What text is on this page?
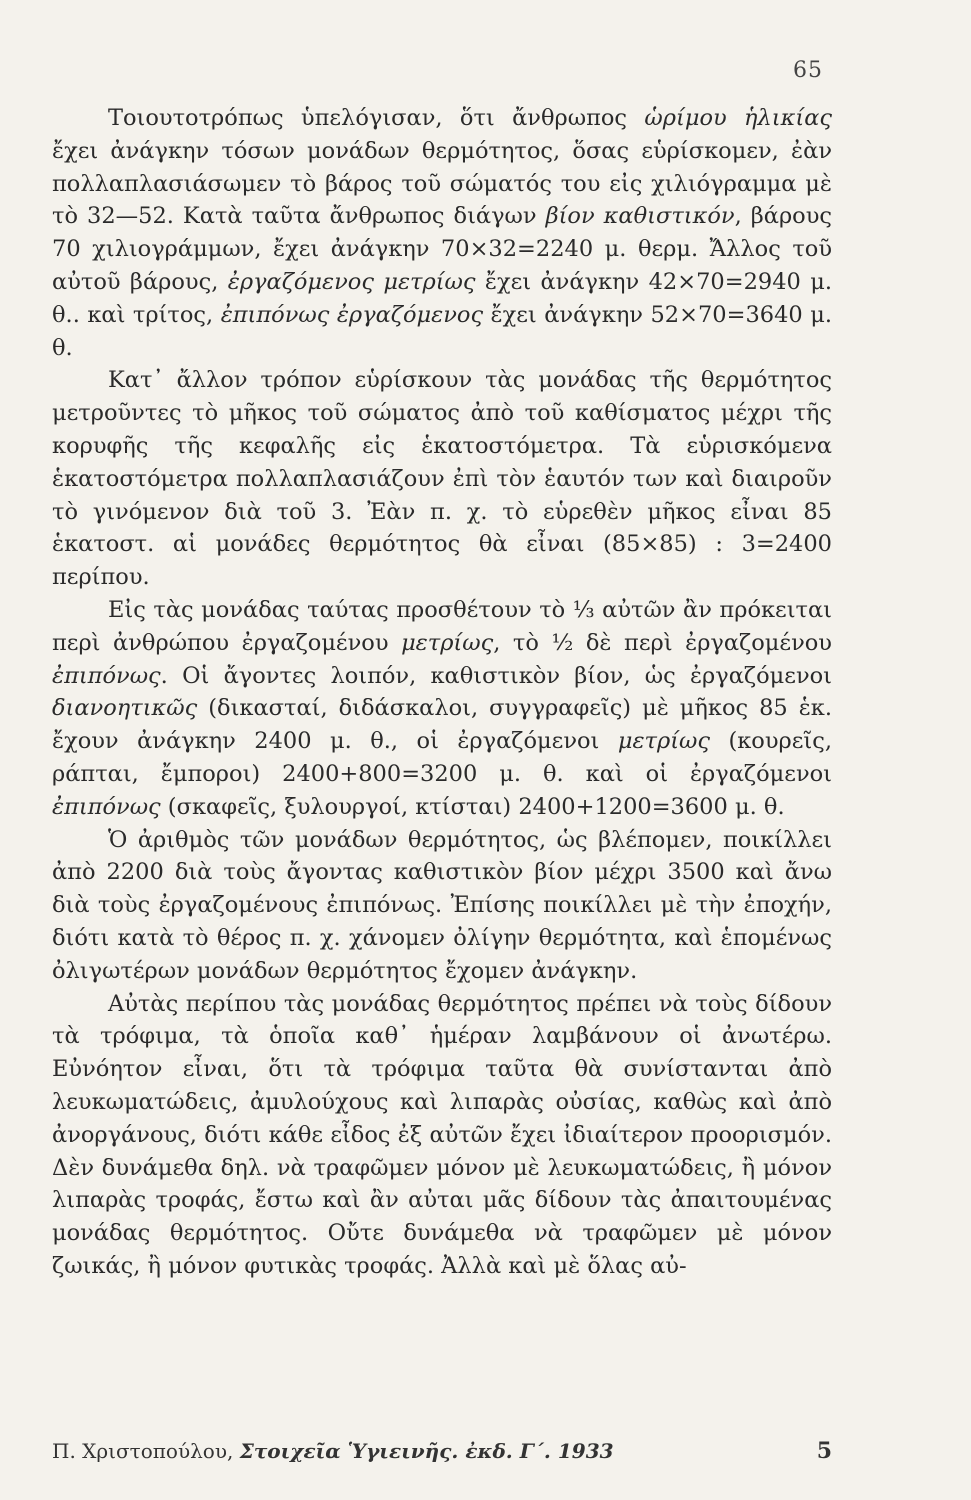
65

Τοιουτοτρόπως ὑπελόγισαν, ὅτι ἄνθρωπος ὡρίμου ἡλικίας ἔχει ἀνάγκην τόσων μονάδων θερμότητος, ὅσας εὑρίσκομεν, ἐὰν πολλαπλασιάσωμεν τὸ βάρος τοῦ σώματός του εἰς χιλιόγραμμα μὲ τὸ 32—52. Κατὰ ταῦτα ἄνθρωπος διάγων βίον καθιστικόν, βάρους 70 χιλιογράμμων, ἔχει ἀνάγκην 70×32=2240 μ. θερμ. Ἄλλος τοῦ αὐτοῦ βάρους, ἐργαζόμενος μετρίως ἔχει ἀνάγκην 42×70=2940 μ. θ.. καὶ τρίτος, ἐπιπόνως ἐργαζόμενος ἔχει ἀνάγκην 52×70=3640 μ. θ.

Κατ᾽ ἄλλον τρόπον εὑρίσκουν τὰς μονάδας τῆς θερμότητος μετροῦντες τὸ μῆκος τοῦ σώματος ἀπὸ τοῦ καθίσματος μέχρι τῆς κορυφῆς τῆς κεφαλῆς εἰς ἑκατοστόμετρα. Τὰ εὑρισκόμενα ἑκατοστόμετρα πολλαπλασιάζουν ἐπὶ τὸν ἑαυτόν των καὶ διαιροῦν τὸ γινόμενον διὰ τοῦ 3. Ἐὰν π. χ. τὸ εὑρεθὲν μῆκος εἶναι 85 ἑκατοστ. αἱ μονάδες θερμότητος θὰ εἶναι (85×85) : 3=2400 περίπου.

Εἰς τὰς μονάδας ταύτας προσθέτουν τὸ ⅓ αὐτῶν ἂν πρόκειται περὶ ἀνθρώπου ἐργαζομένου μετρίως, τὸ ½ δὲ περὶ ἐργαζομένου ἐπιπόνως. Οἱ ἄγοντες λοιπόν, καθιστικὸν βίον, ὡς ἐργαζόμενοι διανοητικῶς (δικασταί, διδάσκαλοι, συγγραφεῖς) μὲ μῆκος 85 ἑκ. ἔχουν ἀνάγκην 2400 μ. θ., οἱ ἐργαζόμενοι μετρίως (κουρεῖς, ράπται, ἔμποροι) 2400+800=3200 μ. θ. καὶ οἱ ἐργαζόμενοι ἐπιπόνως (σκαφεῖς, ξυλουργοί, κτίσται) 2400+1200=3600 μ. θ.

Ὁ ἀριθμὸς τῶν μονάδων θερμότητος, ὡς βλέπομεν, ποικίλλει ἀπὸ 2200 διὰ τοὺς ἄγοντας καθιστικὸν βίον μέχρι 3500 καὶ ἄνω διὰ τοὺς ἐργαζομένους ἐπιπόνως. Ἐπίσης ποικίλλει μὲ τὴν ἐποχήν, διότι κατὰ τὸ θέρος π. χ. χάνομεν ὀλίγην θερμότητα, καὶ ἑπομένως ὀλιγωτέρων μονάδων θερμότητος ἔχομεν ἀνάγκην.

Αὐτὰς περίπου τὰς μονάδας θερμότητος πρέπει νὰ τοὺς δίδουν τὰ τρόφιμα, τὰ ὁποῖα καθ᾽ ἡμέραν λαμβάνουν οἱ ἀνωτέρω. Εὐνόητον εἶναι, ὅτι τὰ τρόφιμα ταῦτα θὰ συνίστανται ἀπὸ λευκωματώδεις, ἀμυλούχους καὶ λιπαρὰς οὐσίας, καθὼς καὶ ἀπὸ ἀνοργάνους, διότι κάθε εἶδος ἐξ αὐτῶν ἔχει ἰδιαίτερον προορισμόν. Δὲν δυνάμεθα δηλ. νὰ τραφῶμεν μόνον μὲ λευκωματώδεις, ἢ μόνον λιπαρὰς τροφάς, ἔστω καὶ ἂν αὐται μᾶς δίδουν τὰς ἀπαιτουμένας μονάδας θερμότητος. Οὔτε δυνάμεθα νὰ τραφῶμεν μὲ μόνον ζωικάς, ἢ μόνον φυτικὰς τροφάς. Ἀλλὰ καὶ μὲ ὅλας αὐ-

Π. Χριστοπούλου, Στοιχεῖα Ὑγιεινῆς. ἐκδ. Γ΄. 1933	5
